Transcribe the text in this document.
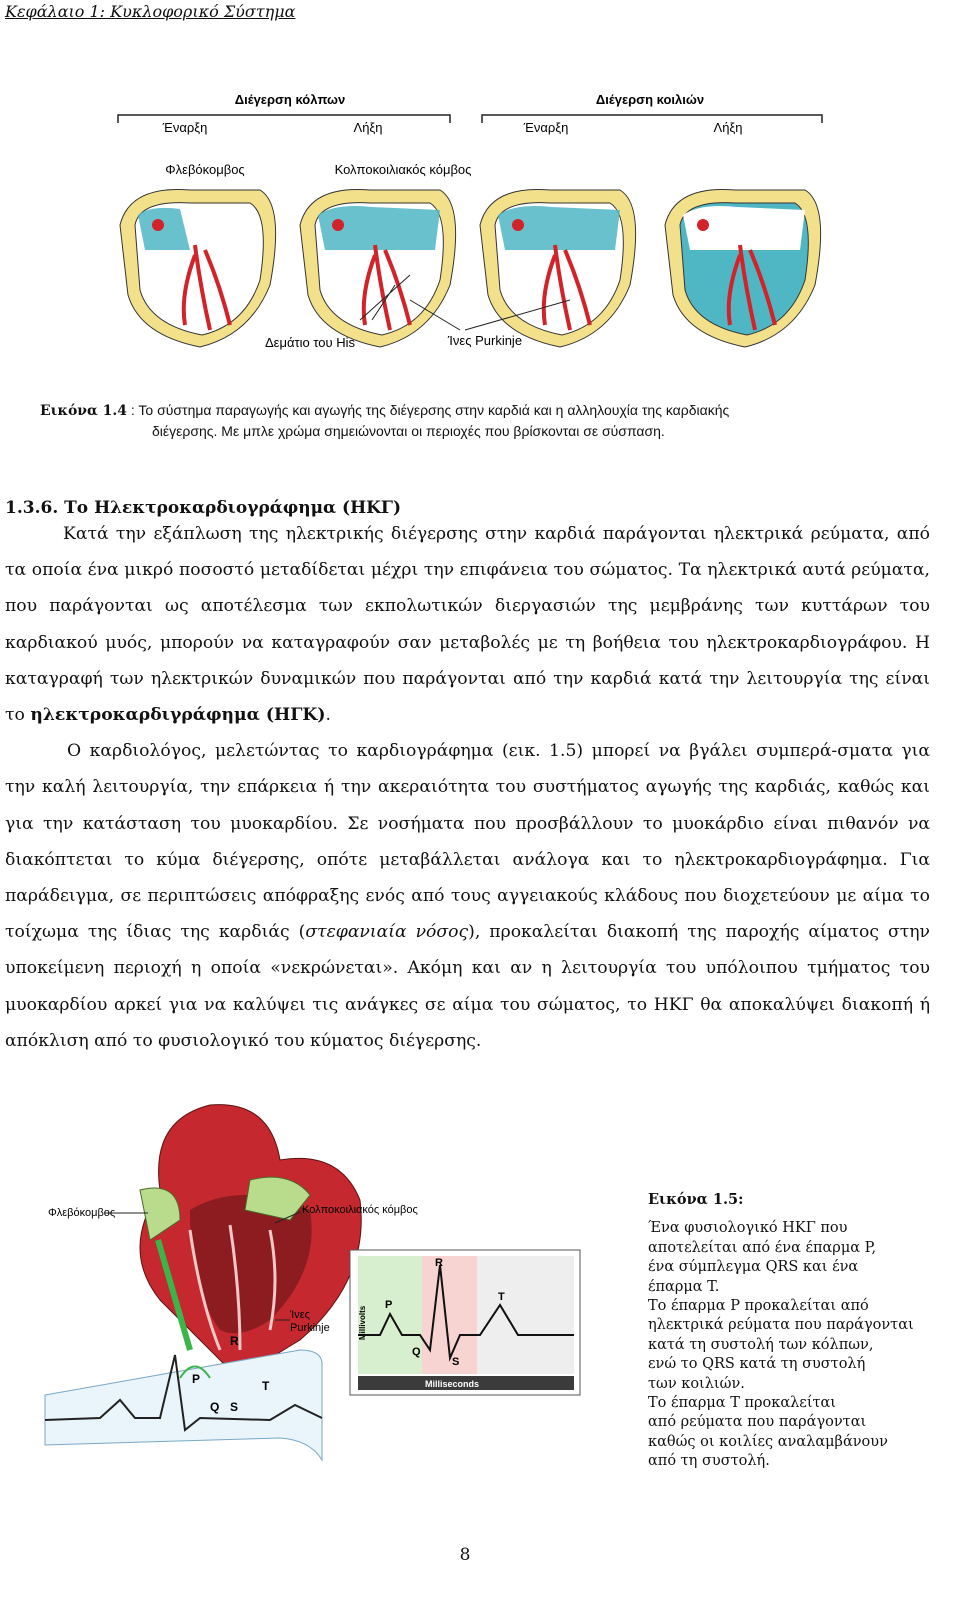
Κεφάλαιο 1: Κυκλοφορικό Σύστημα
Διέγερση κόλπων	Διέγερση κοιλιών
Έναρξη	Λήξη	Έναρξη	Λήξη
Φλεβόκομβος	Κολποκοιλιακός κόμβος
Δεμάτιο του His	Ίνες Purkinje
Εικόνα 1.4 : Το σύστημα παραγωγής και αγωγής της διέγερσης στην καρδιά και η αλληλουχία της καρδιακής
διέγερσης. Με μπλε χρώμα σημειώνονται οι περιοχές που βρίσκονται σε σύσπαση.
1.3.6. Το Ηλεκτροκαρδιογράφημα (ΗΚΓ)

Κατά την εξάπλωση της ηλεκτρικής διέγερσης στην καρδιά παράγονται ηλεκτρικά ρεύματα, από τα οποία ένα μικρό ποσοστό μεταδίδεται μέχρι την επιφάνεια του σώματος. Τα ηλεκτρικά αυτά ρεύματα, που παράγονται ως αποτέλεσμα των εκπολωτικών διεργασιών της μεμβράνης των κυττάρων του καρδιακού μυός, μπορούν να καταγραφούν σαν μεταβολές με τη βοήθεια του ηλεκτροκαρδιογράφου. Η καταγραφή των ηλεκτρικών δυναμικών που παράγονται από την καρδιά κατά την λειτουργία της είναι το ηλεκτροκαρδιγράφημα (ΗΓΚ).

Ο καρδιολόγος, μελετώντας το καρδιογράφημα (εικ. 1.5) μπορεί να βγάλει συμπερά-σματα για την καλή λειτουργία, την επάρκεια ή την ακεραιότητα του συστήματος αγωγής της καρδιάς, καθώς και για την κατάσταση του μυοκαρδίου. Σε νοσήματα που προσβάλλουν το μυοκάρδιο είναι πιθανόν να διακόπτεται το κύμα διέγερσης, οπότε μεταβάλλεται ανάλογα και το ηλεκτροκαρδιογράφημα. Για παράδειγμα, σε περιπτώσεις απόφραξης ενός από τους αγγειακούς κλάδους που διοχετεύουν με αίμα το τοίχωμα της ίδιας της καρδιάς (στεφανιαία νόσος), προκαλείται διακοπή της παροχής αίματος στην υποκείμενη περιοχή η οποία «νεκρώνεται». Ακόμη και αν η λειτουργία του υπόλοιπου τμήματος του μυοκαρδίου αρκεί για να καλύψει τις ανάγκες σε αίμα του σώματος, το ΗΚΓ θα αποκαλύψει διακοπή ή απόκλιση από το φυσιολογικό του κύματος διέγερσης.

Φλεβόκομβος	Κολποκοιλιακός κόμβος
Ίνες
Purkinje
R
P	T
Q S
Millivolts
R
P
T
Q
S
Milliseconds
Εικόνα 1.5:
Ένα φυσιολογικό ΗΚΓ που
αποτελείται από ένα έπαρμα P,
ένα σύμπλεγμα QRS και ένα
έπαρμα T.
Το έπαρμα P προκαλείται από
ηλεκτρικά ρεύματα που παράγονται
κατά τη συστολή των κόλπων,
ενώ το QRS κατά τη συστολή
των κοιλιών.
Το έπαρμα T προκαλείται
από ρεύματα που παράγονται
καθώς οι κοιλίες αναλαμβάνουν
από τη συστολή.
8
